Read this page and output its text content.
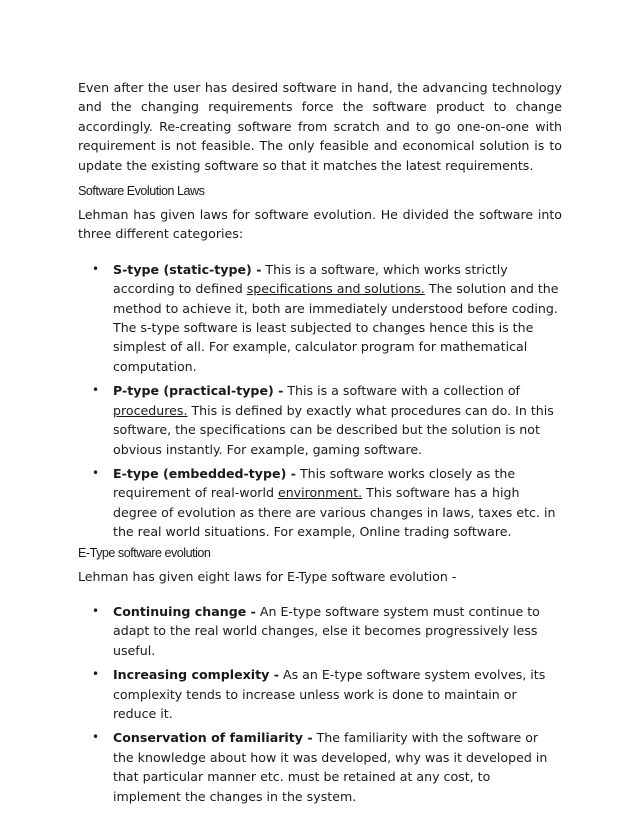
Even after the user has desired software in hand, the advancing technology and the changing requirements force the software product to change accordingly. Re-creating software from scratch and to go one-on-one with requirement is not feasible. The only feasible and economical solution is to update the existing software so that it matches the latest requirements.

Software Evolution Laws

Lehman has given laws for software evolution. He divided the software into three different categories:

• S-type (static-type) - This is a software, which works strictly according to defined specifications and solutions. The solution and the method to achieve it, both are immediately understood before coding. The s-type software is least subjected to changes hence this is the simplest of all. For example, calculator program for mathematical computation.
• P-type (practical-type) - This is a software with a collection of procedures. This is defined by exactly what procedures can do. In this software, the specifications can be described but the solution is not obvious instantly. For example, gaming software.
• E-type (embedded-type) - This software works closely as the requirement of real-world environment. This software has a high degree of evolution as there are various changes in laws, taxes etc. in the real world situations. For example, Online trading software.
E-Type software evolution

Lehman has given eight laws for E-Type software evolution -

• Continuing change - An E-type software system must continue to adapt to the real world changes, else it becomes progressively less useful.
• Increasing complexity - As an E-type software system evolves, its complexity tends to increase unless work is done to maintain or reduce it.
• Conservation of familiarity - The familiarity with the software or the knowledge about how it was developed, why was it developed in that particular manner etc. must be retained at any cost, to implement the changes in the system.
